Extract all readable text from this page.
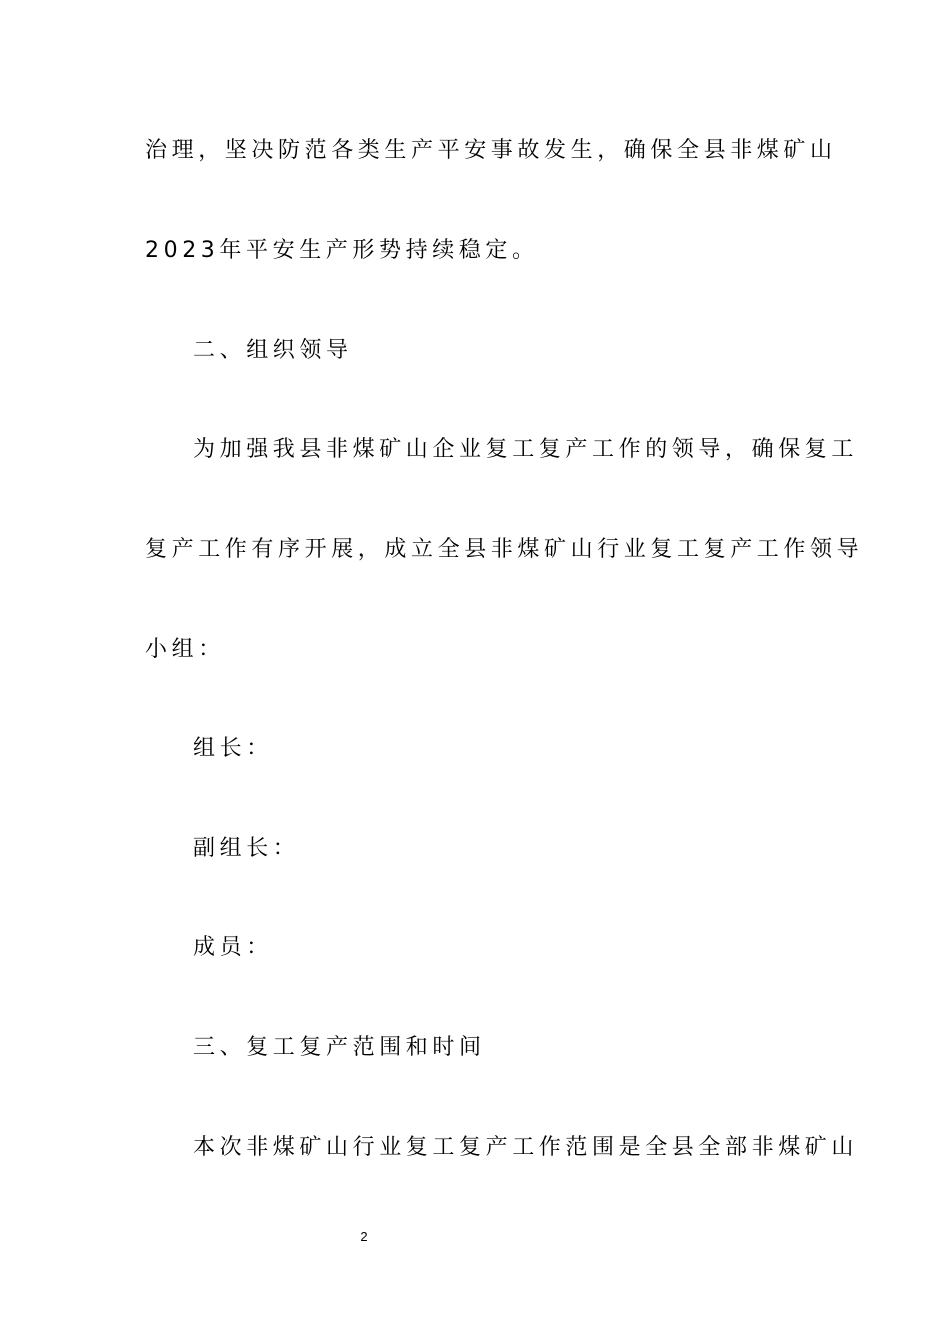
治理，坚决防范各类生产平安事故发生，确保全县非煤矿山
2023年平安生产形势持续稳定。
二、组织领导
为加强我县非煤矿山企业复工复产工作的领导，确保复工
复产工作有序开展，成立全县非煤矿山行业复工复产工作领导
小组：
组长：
副组长：
成员：
三、复工复产范围和时间
本次非煤矿山行业复工复产工作范围是全县全部非煤矿山
2
